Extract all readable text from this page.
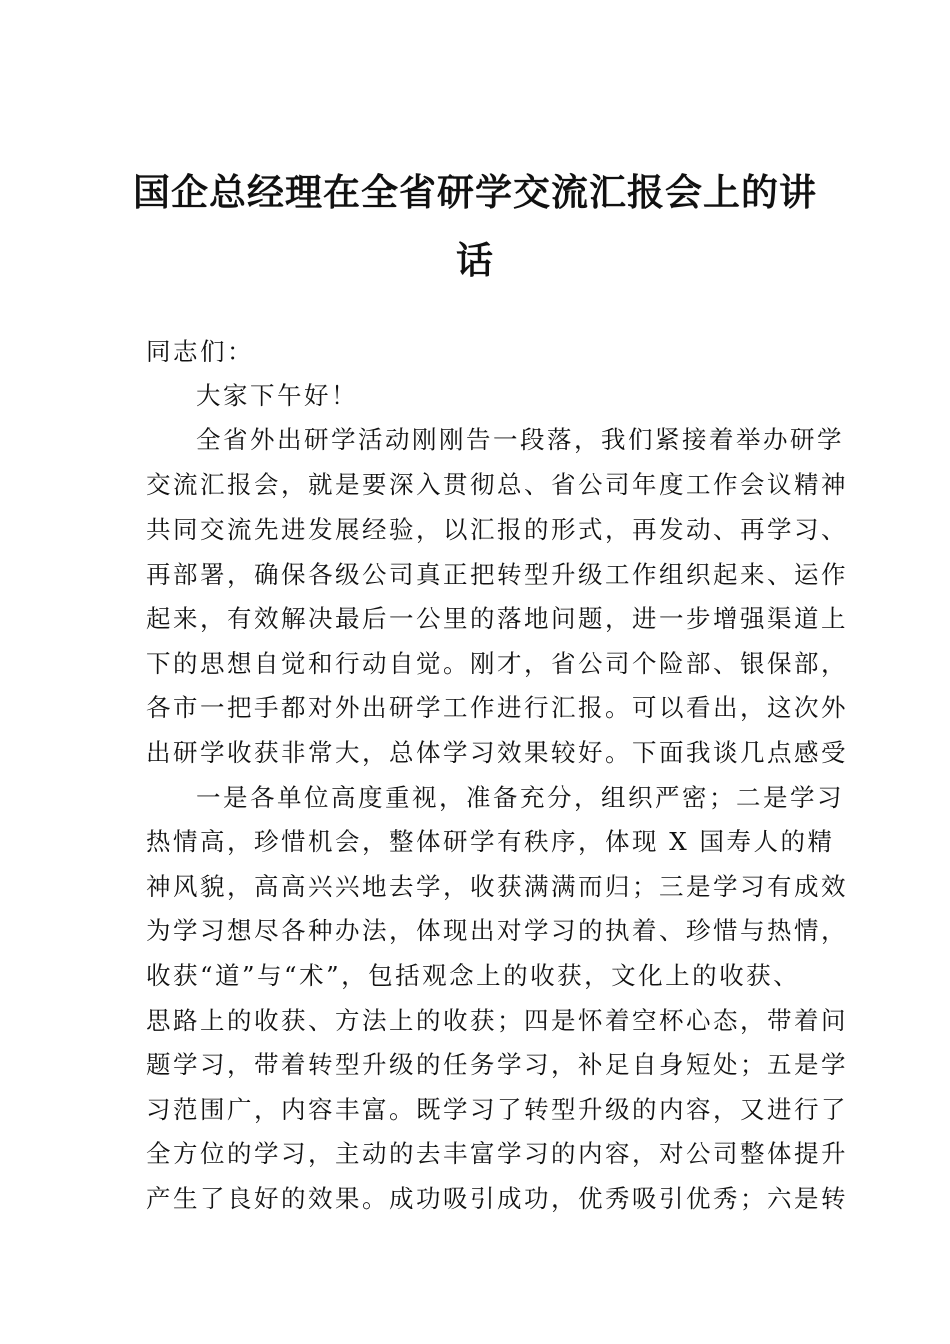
国企总经理在全省研学交流汇报会上的讲
话
同志们：
大家下午好！
全省外出研学活动刚刚告一段落，我们紧接着举办研学
交流汇报会，就是要深入贯彻总、省公司年度工作会议精神
共同交流先进发展经验，以汇报的形式，再发动、再学习、
再部署，确保各级公司真正把转型升级工作组织起来、运作
起来，有效解决最后一公里的落地问题，进一步增强渠道上
下的思想自觉和行动自觉。刚才，省公司个险部、银保部，
各市一把手都对外出研学工作进行汇报。可以看出，这次外
出研学收获非常大，总体学习效果较好。下面我谈几点感受
一是各单位高度重视，准备充分，组织严密；二是学习
热情高，珍惜机会，整体研学有秩序，体现 X 国寿人的精
神风貌，高高兴兴地去学，收获满满而归；三是学习有成效
为学习想尽各种办法，体现出对学习的执着、珍惜与热情，
收获“道”与“术”，包括观念上的收获，文化上的收获、
思路上的收获、方法上的收获；四是怀着空杯心态，带着问
题学习，带着转型升级的任务学习，补足自身短处；五是学
习范围广，内容丰富。既学习了转型升级的内容，又进行了
全方位的学习，主动的去丰富学习的内容，对公司整体提升
产生了良好的效果。成功吸引成功，优秀吸引优秀；六是转
